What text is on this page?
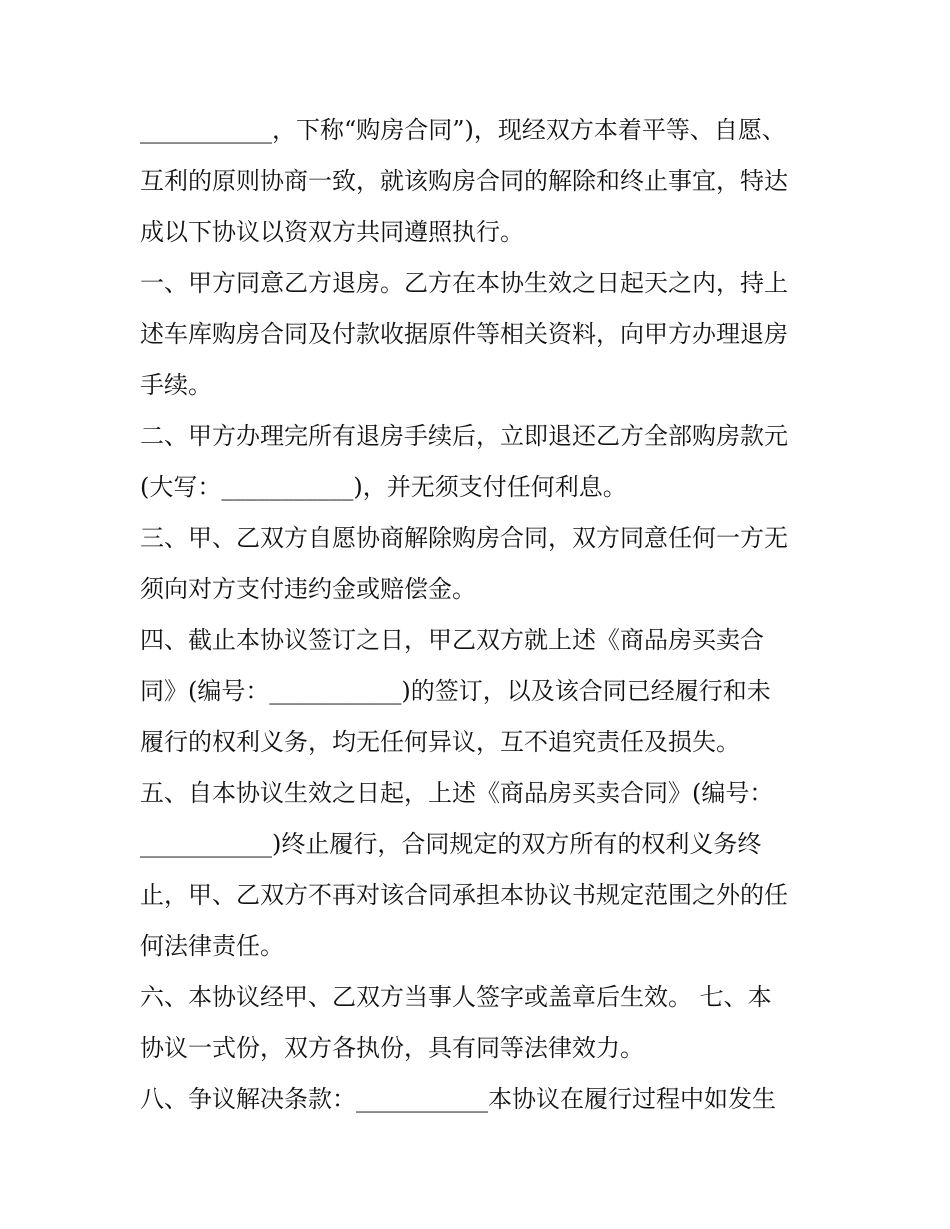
___________，下称“购房合同”)，现经双方本着平等、自愿、
互利的原则协商一致，就该购房合同的解除和终止事宜，特达
成以下协议以资双方共同遵照执行。
一、甲方同意乙方退房。乙方在本协生效之日起天之内，持上
述车库购房合同及付款收据原件等相关资料，向甲方办理退房
手续。
二、甲方办理完所有退房手续后，立即退还乙方全部购房款元
(大写：___________)，并无须支付任何利息。
三、甲、乙双方自愿协商解除购房合同，双方同意任何一方无
须向对方支付违约金或赔偿金。
四、截止本协议签订之日，甲乙双方就上述《商品房买卖合
同》(编号：___________)的签订，以及该合同已经履行和未
履行的权利义务，均无任何异议，互不追究责任及损失。
五、自本协议生效之日起，上述《商品房买卖合同》(编号：
___________)终止履行，合同规定的双方所有的权利义务终
止，甲、乙双方不再对该合同承担本协议书规定范围之外的任
何法律责任。
六、本协议经甲、乙双方当事人签字或盖章后生效。 七、本
协议一式份，双方各执份，具有同等法律效力。
八、争议解决条款：___________本协议在履行过程中如发生
